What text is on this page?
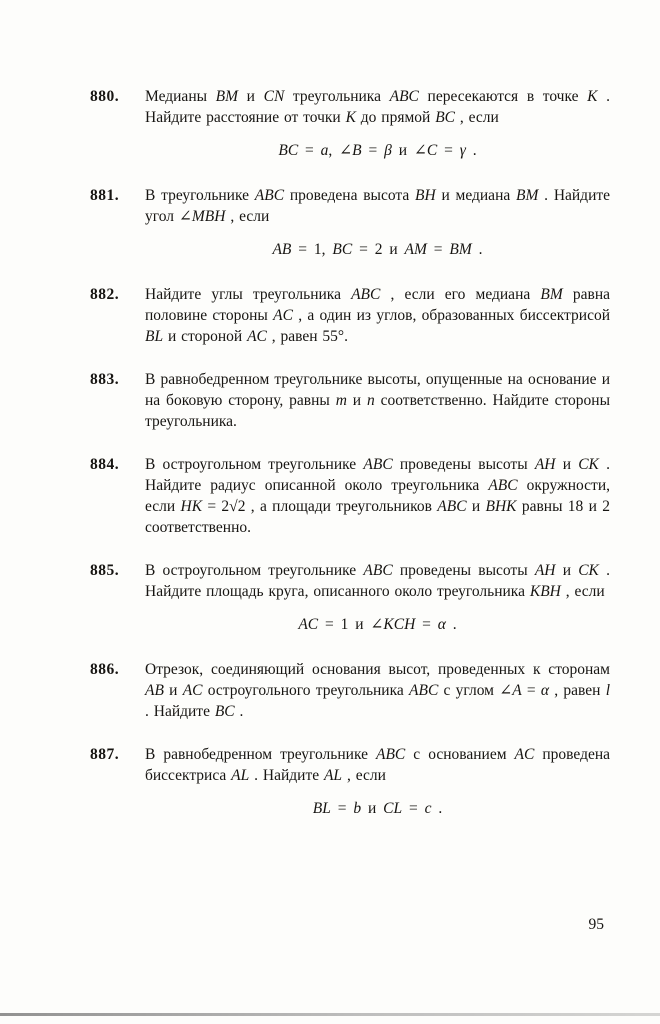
880.	Медианы BM и CN треугольника ABC пересекаются в точке K . Найдите расстояние от точки K до прямой BC , если

BC = a, ∠B = β и ∠C = γ .

881.	В треугольнике ABC проведена высота BH и медиана BM . Найдите угол ∠MBH , если

AB = 1, BC = 2 и AM = BM .

882.	Найдите углы треугольника ABC , если его медиана BM равна половине стороны AC , а один из углов, образованных биссектрисой BL и стороной AC , равен 55°.

883.	В равнобедренном треугольнике высоты, опущенные на основание и на боковую сторону, равны m и n соответственно. Найдите стороны треугольника.

884.	В остроугольном треугольнике ABC проведены высоты AH и CK . Найдите радиус описанной около треугольника ABC окружности, если HK = 2√2 , а площади треугольников ABC и BHK равны 18 и 2 соответственно.

885.	В остроугольном треугольнике ABC проведены высоты AH и CK . Найдите площадь круга, описанного около треугольника KBH , если

AC = 1 и ∠KCH = α .

886.	Отрезок, соединяющий основания высот, проведенных к сторонам AB и AC остроугольного треугольника ABC с углом ∠A = α , равен l . Найдите BC .

887.	В равнобедренном треугольнике ABC с основанием AC проведена биссектриса AL . Найдите AL , если

BL = b и CL = c .

95
